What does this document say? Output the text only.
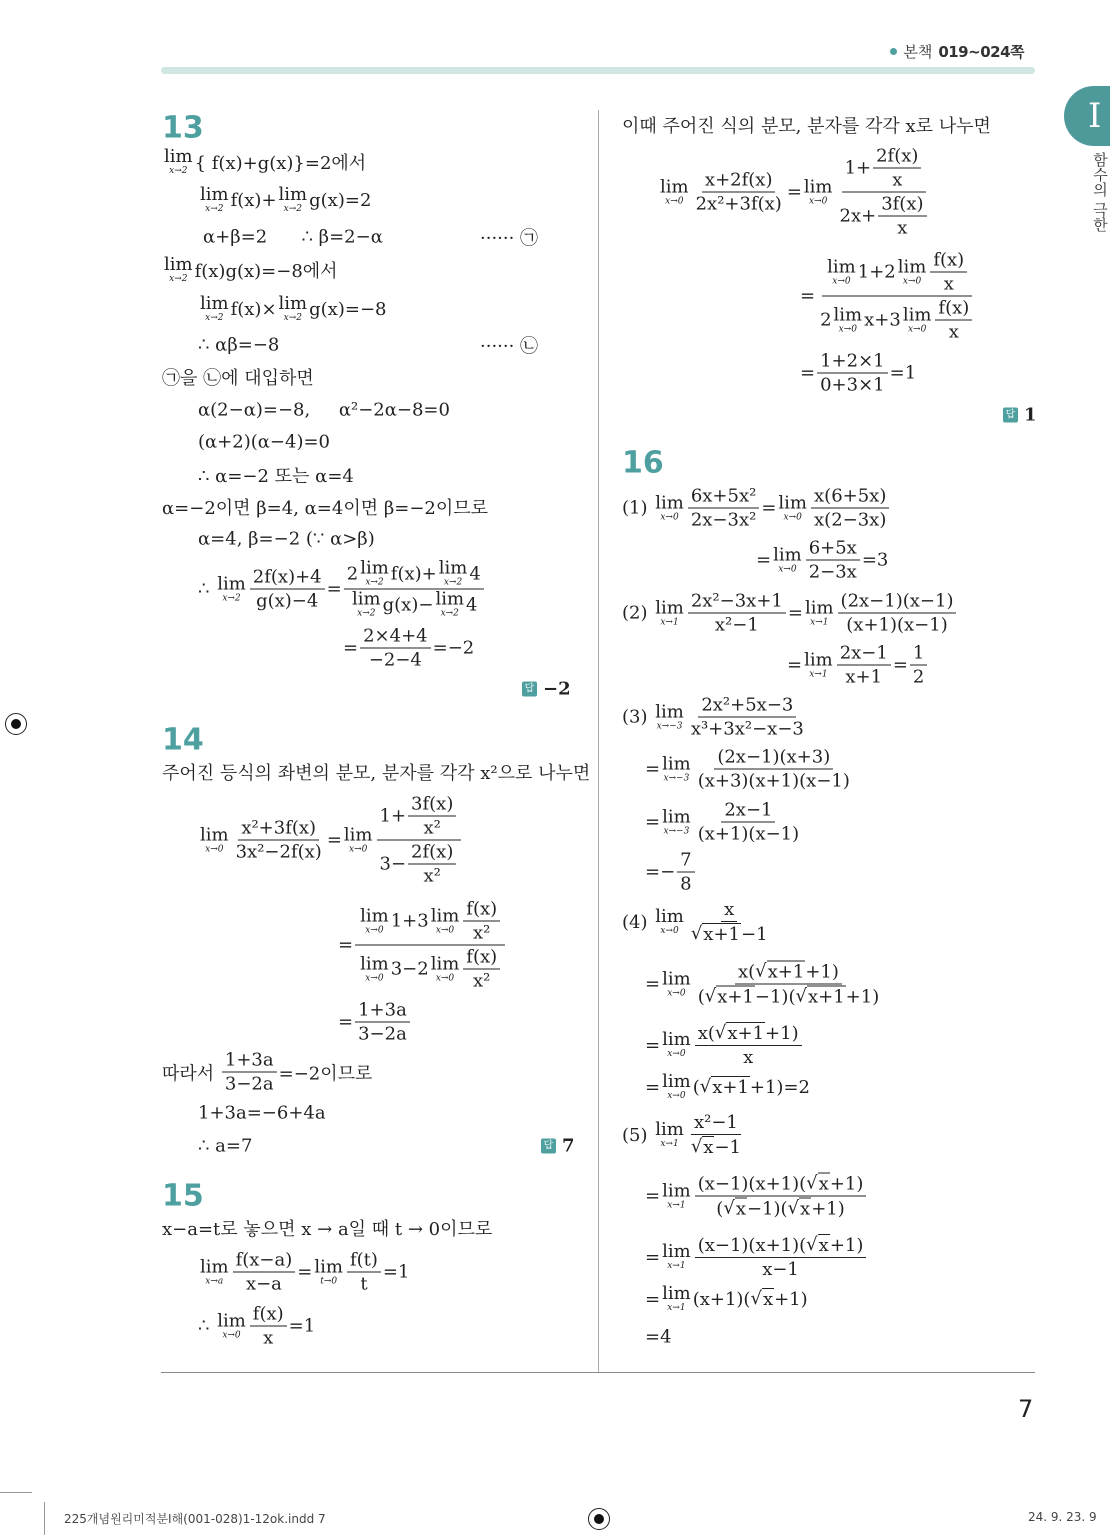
본책 019~024쪽
I
함수의 극한
13
lim
x→2 { f(x)+g(x)}=2에서
lim
x→2 f(x)+ lim
x→2 g(x)=2
α+β=2      ∴ β=2−α	······ ㉠
lim
x→2 f(x)g(x)=−8에서
lim
x→2 f(x)× lim
x→2 g(x)=−8
∴ αβ=−8	······ ㉡
㉠을 ㉡에 대입하면
α(2−α)=−8,     α²−2α−8=0
(α+2)(α−4)=0
∴ α=−2 또는 α=4
α=−2이면 β=4, α=4이면 β=−2이므로
α=4, β=−2 (∵ α>β)
∴ lim
$x\to 2 \frac{2f(x)+4}{g(x)-4} = 2$ lim
x→2 f(x)+ lim
x→2 4
lim
x→2 g(x)− lim
x→2 4
= $\frac{2\times 4+4}{-2-4} =-2$
답 −2
14
주어진 등식의 좌변의 분모, 분자를 각각 x²으로 나누면
lim
$x\to 0 \frac{\text{x²+3f(x)}}{\text{3x²−2f(x)}} = \lim$
$x\to 0 \frac{1+ \frac{3f(x)}{\text{x²}}}{3- \frac{2f(x)}{\text{x²}}}$
= lim
x→0 1+3 lim
$x\to 0 \frac{f(x)}{\text{x²}}$
lim
x→0 3−2 lim
$x\to 0 \frac{f(x)}{\text{x²}}$
= $\frac{1+3a}{3-2a}$
따라서 $\frac{1+3a}{3-2a} =-2$이므로
1+3a=−6+4a
∴ a=7	답 7
15
x−a=t로 놓으면 x → a일 때 t → 0이므로
lim
$x\to a \frac{f(x-a)}{x-a} = \lim$
$t\to 0 \frac{f(t)}{t} =1$
∴ lim
$x\to 0 \frac{f(x)}{x} =1$
이때 주어진 식의 분모, 분자를 각각 x로 나누면
lim
$x\to 0 \frac{x+2f(x)}{\text{2x²+3f(x)}} = \lim$
$x\to 0 \frac{1+ \frac{2f(x)}{x}}{2x+ \frac{3f(x)}{x}}$
= lim
x→0 1+2 lim
$x\to 0 \frac{f(x)}{x}$
2 lim
x→0 x+3 lim
$x\to 0 \frac{f(x)}{x}$
= $\frac{1+2\times 1}{0+3\times 1} =1$
답 1
16
(1) lim
$x\to 0 \frac{\text{6x+5x²}}{\text{2x−3x²}} = \lim$
$x\to 0 \frac{x(6+5x)}{x(2-3x)}$
= lim
$x\to 0 \frac{6+5x}{2-3x} =3$
(2) lim
$x\to 1 \frac{\text{2x²−3x+1}}{\text{x²−1}} = \lim$
$x\to 1 \frac{(2x-1)(x-1)}{(x+1)(x-1)}$
= lim
$x\to 1 \frac{2x-1}{x+1} = \frac{1}{2}$
(3) lim
$x\to-3 \frac{\text{2x²+5x−3}}{\text{x³+3x²−x−3}}$
= lim
$x\to-3 \frac{(2x-1)(x+3)}{(x+3)(x+1)(x-1)}$
= lim
$x\to-3 \frac{2x-1}{(x+1)(x-1)}$
=− $\frac{7}{8}$
(4) lim
$x\to 0 \frac{x}{√ x+1 -1}$
= lim
$x\to 0 \frac{x( √ x+1 +1)}{( √ x+1 -1)( √ x+1 +1)}$
= lim
$x\to 0 \frac{x( √ x+1 +1)}{x}$
= lim
x→0 ( √ x+1 +1)=2
(5) lim
$x\to 1 \frac{\text{x²−1}}{√ x -1}$
= lim
$x\to 1 \frac{(x-1)(x+1)( √ x +1)}{( √ x -1)( √ x +1)}$
= lim
$x\to 1 \frac{(x-1)(x+1)( √ x +1)}{x-1}$
= lim
x→1 (x+1)( √ x +1)
=4
7
225개념원리미적분Ⅰ해(001-028)1-12ok.indd 7	24. 9. 23. 9
